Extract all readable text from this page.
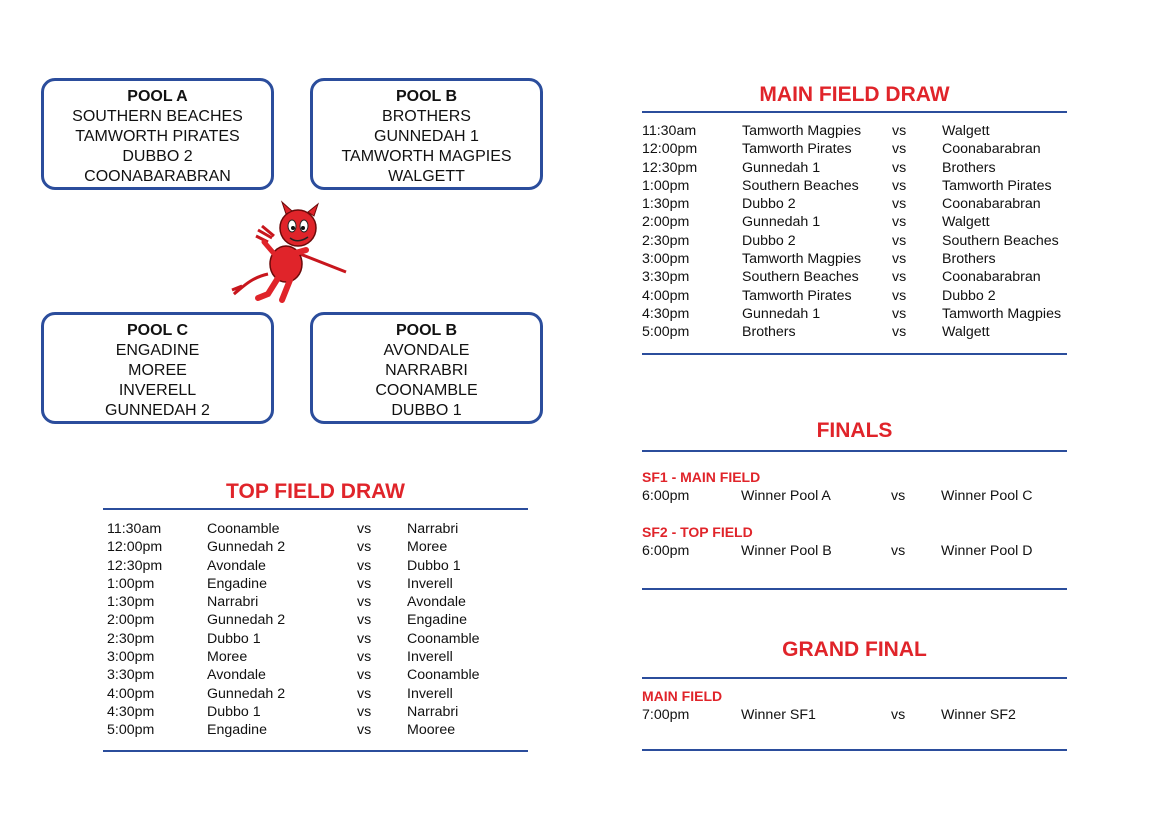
POOL A
SOUTHERN BEACHES
TAMWORTH PIRATES
DUBBO 2
COONABARABRAN
POOL B
BROTHERS
GUNNEDAH 1
TAMWORTH MAGPIES
WALGETT
POOL C
ENGADINE
MOREE
INVERELL
GUNNEDAH 2
POOL B
AVONDALE
NARRABRI
COONAMBLE
DUBBO 1
TOP FIELD DRAW
11:30am	Coonamble	vs	Narrabri
12:00pm	Gunnedah 2	vs	Moree
12:30pm	Avondale	vs	Dubbo 1
1:00pm	Engadine	vs	Inverell
1:30pm	Narrabri	vs	Avondale
2:00pm	Gunnedah 2	vs	Engadine
2:30pm	Dubbo 1	vs	Coonamble
3:00pm	Moree	vs	Inverell
3:30pm	Avondale	vs	Coonamble
4:00pm	Gunnedah 2	vs	Inverell
4:30pm	Dubbo 1	vs	Narrabri
5:00pm	Engadine	vs	Mooree
MAIN FIELD DRAW
11:30am	Tamworth Magpies vs	Walgett
12:00pm	Tamworth Pirates	vs	Coonabarabran
12:30pm	Gunnedah 1	vs	Brothers
1:00pm	Southern Beaches vs	Tamworth Pirates
1:30pm	Dubbo 2	vs	Coonabarabran
2:00pm	Gunnedah 1	vs	Walgett
2:30pm	Dubbo 2	vs	Southern Beaches
3:00pm	Tamworth Magpies vs	Brothers
3:30pm	Southern Beaches vs	Coonabarabran
4:00pm	Tamworth Pirates	vs	Dubbo 2
4:30pm	Gunnedah 1	vs	Tamworth Magpies
5:00pm	Brothers	vs	Walgett
FINALS
SF1 - MAIN FIELD
6:00pm	Winner Pool A	vs	Winner Pool C
SF2 - TOP FIELD
6:00pm	Winner Pool B	vs	Winner Pool D
GRAND FINAL
MAIN FIELD
7:00pm	Winner SF1	vs	Winner SF2
